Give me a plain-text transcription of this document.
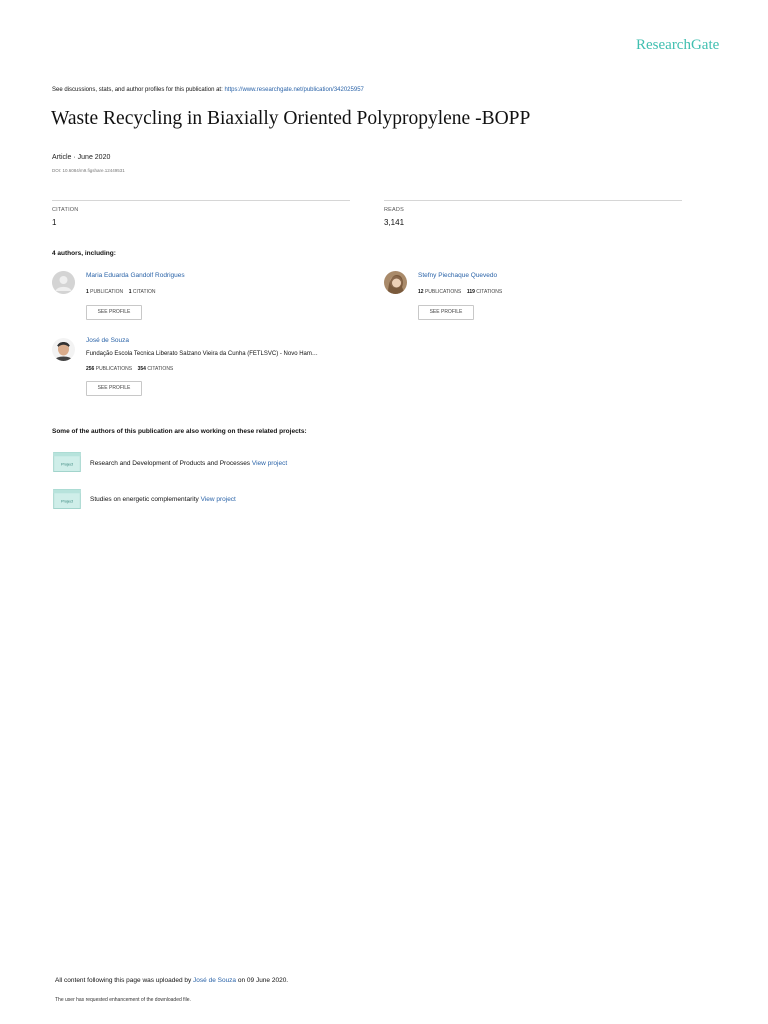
ResearchGate
See discussions, stats, and author profiles for this publication at: https://www.researchgate.net/publication/342025957
Waste Recycling in Biaxially Oriented Polypropylene -BOPP
Article · June 2020
DOI: 10.6084/m9.figshare.12449531
CITATION
1
READS
3,141
4 authors, including:
Maria Eduarda Gandolf Rodrigues
1 PUBLICATION 1 CITATION
SEE PROFILE
Stefny Piechaque Quevedo
12 PUBLICATIONS 119 CITATIONS
SEE PROFILE
José de Souza
Fundação Escola Tecnica Liberato Salzano Vieira da Cunha (FETLSVC) - Novo Ham…
256 PUBLICATIONS 354 CITATIONS
SEE PROFILE
Some of the authors of this publication are also working on these related projects:
Project	Research and Development of Products and Processes View project
Project	Studies on energetic complementarity View project
All content following this page was uploaded by José de Souza on 09 June 2020.
The user has requested enhancement of the downloaded file.
